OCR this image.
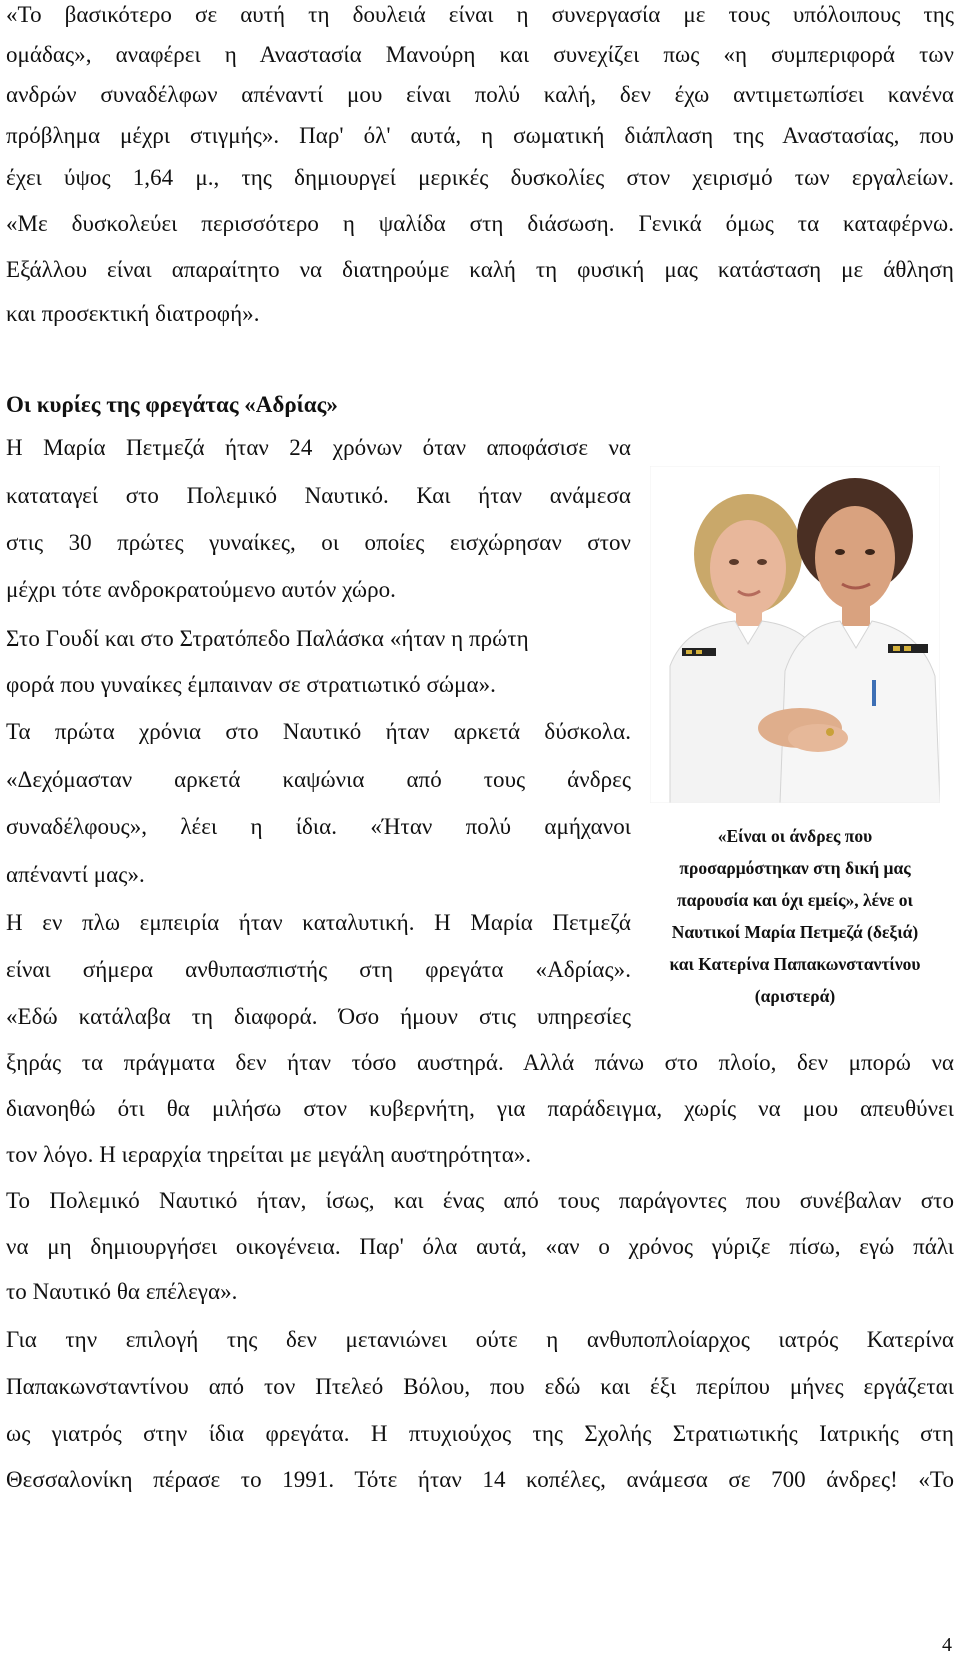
«Το βασικότερο σε αυτή τη δουλειά είναι η συνεργασία με τους υπόλοιπους της
ομάδας», αναφέρει η Αναστασία Μανούρη και συνεχίζει πως «η συμπεριφορά των
ανδρών συναδέλφων απέναντί μου είναι πολύ καλή, δεν έχω αντιμετωπίσει κανένα
πρόβλημα μέχρι στιγμής». Παρ' όλ' αυτά, η σωματική διάπλαση της Αναστασίας, που
έχει ύψος 1,64 μ., της δημιουργεί μερικές δυσκολίες στον χειρισμό των εργαλείων.
«Με δυσκολεύει περισσότερο η ψαλίδα στη διάσωση. Γενικά όμως τα καταφέρνω.
Εξάλλου είναι απαραίτητο να διατηρούμε καλή τη φυσική μας κατάσταση με άθληση
και προσεκτική διατροφή».
Οι κυρίες της φρεγάτας «Αδρίας»
Η Μαρία Πετμεζά ήταν 24 χρόνων όταν αποφάσισε να
καταταγεί στο Πολεμικό Ναυτικό. Και ήταν ανάμεσα
στις 30 πρώτες γυναίκες, οι οποίες εισχώρησαν στον
μέχρι τότε ανδροκρατούμενο αυτόν χώρο.
Στο Γουδί και στο Στρατόπεδο Παλάσκα «ήταν η πρώτη
φορά που γυναίκες έμπαιναν σε στρατιωτικό σώμα».
Τα πρώτα χρόνια στο Ναυτικό ήταν αρκετά δύσκολα.
«Δεχόμασταν αρκετά καψώνια από τους άνδρες
συναδέλφους», λέει η ίδια. «Ήταν πολύ αμήχανοι
απέναντί μας».
Η εν πλω εμπειρία ήταν καταλυτική. Η Μαρία Πετμεζά
είναι σήμερα ανθυπασπιστής στη φρεγάτα «Αδρίας».
«Εδώ κατάλαβα τη διαφορά. Όσο ήμουν στις υπηρεσίες
«Είναι οι άνδρες που
προσαρμόστηκαν στη δική μας
παρουσία και όχι εμείς», λένε οι
Ναυτικοί Μαρία Πετμεζά (δεξιά)
και Κατερίνα Παπακωνσταντίνου
(αριστερά)
ξηράς τα πράγματα δεν ήταν τόσο αυστηρά. Αλλά πάνω στο πλοίο, δεν μπορώ να
διανοηθώ ότι θα μιλήσω στον κυβερνήτη, για παράδειγμα, χωρίς να μου απευθύνει
τον λόγο. Η ιεραρχία τηρείται με μεγάλη αυστηρότητα».
Το Πολεμικό Ναυτικό ήταν, ίσως, και ένας από τους παράγοντες που συνέβαλαν στο
να μη δημιουργήσει οικογένεια. Παρ' όλα αυτά, «αν ο χρόνος γύριζε πίσω, εγώ πάλι
το Ναυτικό θα επέλεγα».
Για την επιλογή της δεν μετανιώνει ούτε η ανθυποπλοίαρχος ιατρός Κατερίνα
Παπακωνσταντίνου από τον Πτελεό Βόλου, που εδώ και έξι περίπου μήνες εργάζεται
ως γιατρός στην ίδια φρεγάτα. Η πτυχιούχος της Σχολής Στρατιωτικής Ιατρικής στη
Θεσσαλονίκη πέρασε το 1991. Τότε ήταν 14 κοπέλες, ανάμεσα σε 700 άνδρες! «Το
4
